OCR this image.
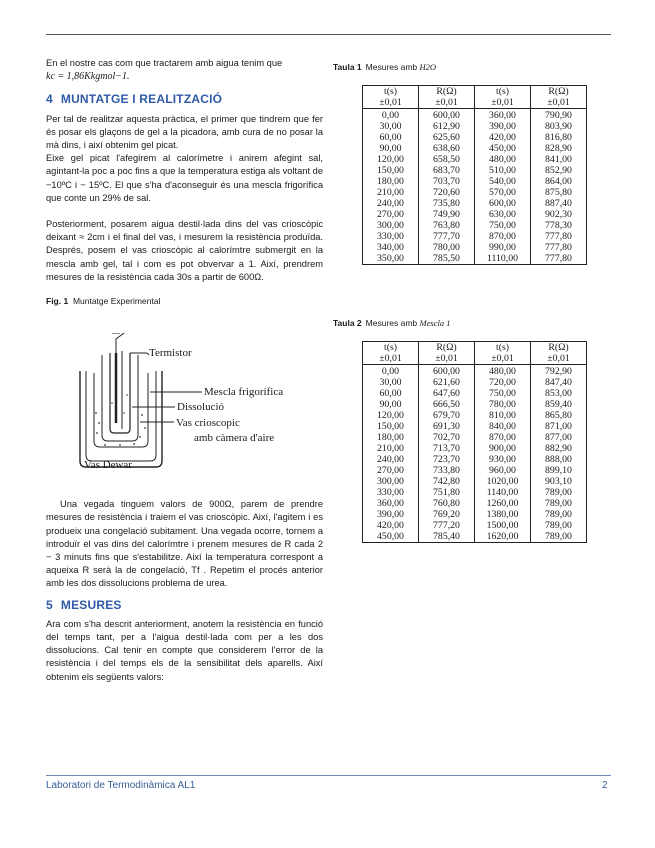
En el nostre cas com que tractarem amb aigua tenim que
kc = 1,86Kkgmol−1.

4 MUNTATGE I REALITZACIÓ

Per tal de realitzar aquesta pràctica, el primer que tindrem que fer és posar els glaçons de gel a la picadora, amb cura de no posar la mà dins, i així obtenim gel picat.

Eixe gel picat l'afegirem al calorímetre i anirem afegint sal, agintant-la poc a poc fins a que la temperatura estiga als voltant de −10ºC i − 15ºC. El que s'ha d'aconseguir és una mescla frigorífica que conte un 29% de sal.

Posteriorment, posarem aigua destil·lada dins del vas crioscòpic deixant ≈ 2cm i el final del vas, i mesurem la resistència produïda. Després, posem el vas crioscòpic al calorímtre submergit en la mescla amb gel, tal i com es pot obvervar a 1. Així, prendrem mesures de la resistència cada 30s a partir de 600Ω.

Fig. 1 Muntatge Experimental

Una vegada tinguem valors de 900Ω, parem de prendre mesures de resistència i traiem el vas crioscòpic. Així, l'agitem i es produeix una congelació subitament. Una vegada ocorre, tornem a introduïr el vas dins del calorímtre i prenem mesures de R cada 2 − 3 minuts fins que s'estabilitze. Així la temperatura correspont a aqueixa R serà la de congelació, Tf . Repetim el procés anterior amb les dos dissolucions problema de urea.

5 MESURES

Ara com s'ha descrit anteriorment, anotem la resistència en funció del temps tant, per a l'aigua destil·lada com per a les dos dissolucions. Cal tenir en compte que considerem l'error de la resistència i del temps els de la sensibilitat dels aparells. Així obtenim els següents valors:

Termistor
Mescla frigorífica
Dissolució
Vas crioscopic
amb càmera d'aire
Vas Dewar
Taula 1 Mesures amb H2O
t(s)	R(Ω)	t(s)	R(Ω)
±0,01	±0,01	±0,01	±0,01
0,00	600,00	360,00	790,90
30,00	612,90	390,00	803,90
60,00	625,60	420,00	816,80
90,00	638,60	450,00	828,90
120,00	658,50	480,00	841,00
150,00	683,70	510,00	852,90
180,00	703,70	540,00	864,00
210,00	720,60	570,00	875,80
240,00	735,80	600,00	887,40
270,00	749,90	630,00	902,30
300,00	763,80	750,00	778,30
330,00	777,70	870,00	777,80
340,00	780,00	990,00	777,80
350,00	785,50	1110,00	777,80
Taula 2 Mesures amb Mescla 1
t(s)	R(Ω)	t(s)	R(Ω)
±0,01	±0,01	±0,01	±0,01
0,00	600,00	480,00	792,90
30,00	621,60	720,00	847,40
60,00	647,60	750,00	853,00
90,00	666,50	780,00	859,40
120,00	679,70	810,00	865,80
150,00	691,30	840,00	871,00
180,00	702,70	870,00	877,00
210,00	713,70	900,00	882,90
240,00	723,70	930,00	888,00
270,00	733,80	960,00	899,10
300,00	742,80	1020,00	903,10
330,00	751,80	1140,00	789,00
360,00	760,80	1260,00	789,00
390,00	769,20	1380,00	789,00
420,00	777,20	1500,00	789,00
450,00	785,40	1620,00	789,00
Laboratori de Termodinàmica AL1	2
